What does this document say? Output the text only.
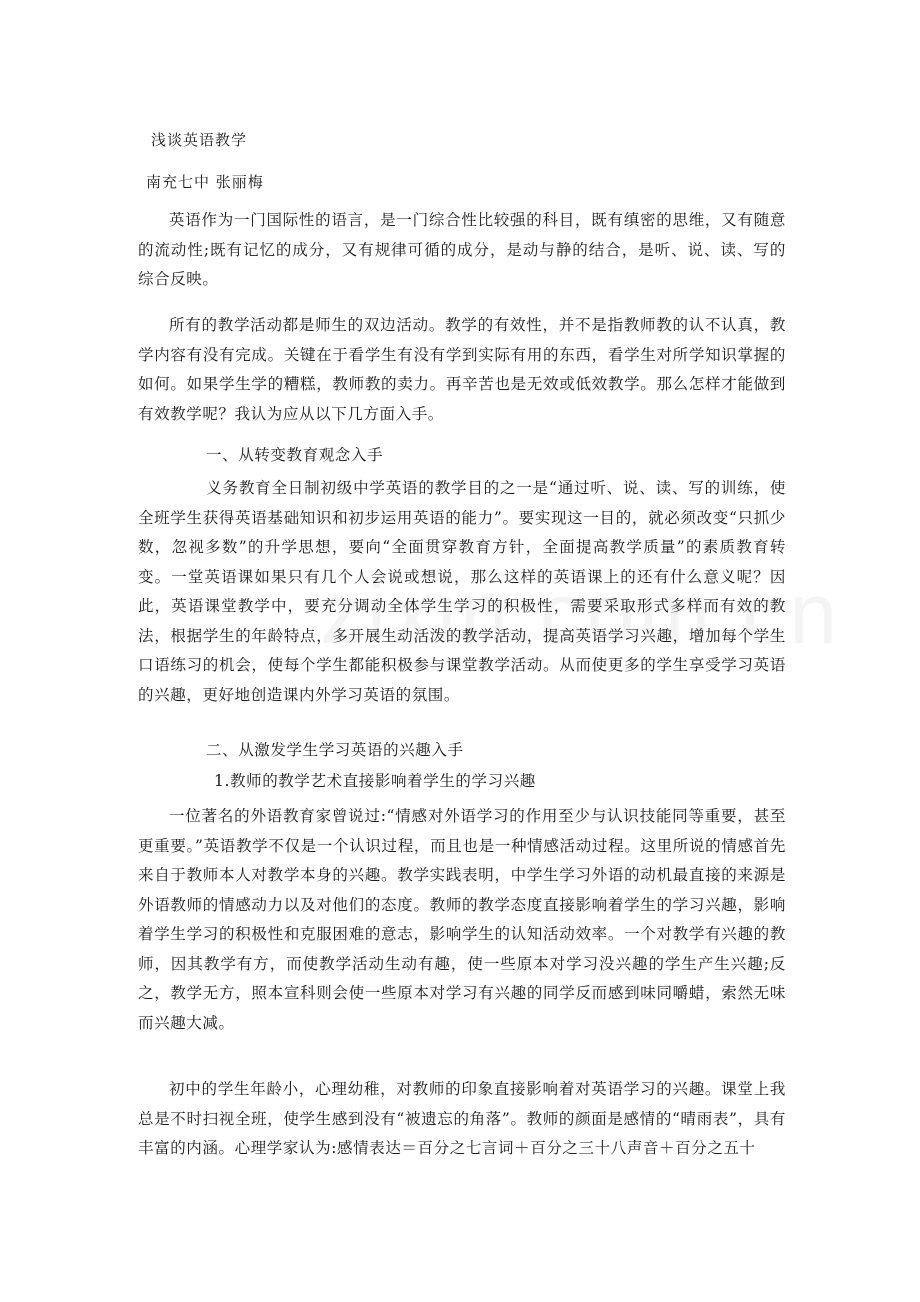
浅谈英语教学
南充七中 张丽梅

英语作为一门国际性的语言，是一门综合性比较强的科目，既有缜密的思维，又有随意的流动性;既有记忆的成分，又有规律可循的成分，是动与静的结合，是听、说、读、写的综合反映。

所有的教学活动都是师生的双边活动。教学的有效性，并不是指教师教的认不认真，教学内容有没有完成。关键在于看学生有没有学到实际有用的东西，看学生对所学知识掌握的如何。如果学生学的糟糕，教师教的卖力。再辛苦也是无效或低效教学。那么怎样才能做到有效教学呢？我认为应从以下几方面入手。

一、从转变教育观念入手

义务教育全日制初级中学英语的教学目的之一是“通过听、说、读、写的训练，使全班学生获得英语基础知识和初步运用英语的能力”。要实现这一目的，就必须改变“只抓少数，忽视多数”的升学思想，要向“全面贯穿教育方针，全面提高教学质量”的素质教育转变。一堂英语课如果只有几个人会说或想说，那么这样的英语课上的还有什么意义呢？因此，英语课堂教学中，要充分调动全体学生学习的积极性，需要采取形式多样而有效的教法，根据学生的年龄特点，多开展生动活泼的教学活动，提高英语学习兴趣，增加每个学生口语练习的机会，使每个学生都能积极参与课堂教学活动。从而使更多的学生享受学习英语的兴趣，更好地创造课内外学习英语的氛围。

二、从激发学生学习英语的兴趣入手
1.教师的教学艺术直接影响着学生的学习兴趣

一位著名的外语教育家曾说过:“情感对外语学习的作用至少与认识技能同等重要，甚至更重要。”英语教学不仅是一个认识过程，而且也是一种情感活动过程。这里所说的情感首先来自于教师本人对教学本身的兴趣。教学实践表明，中学生学习外语的动机最直接的来源是外语教师的情感动力以及对他们的态度。教师的教学态度直接影响着学生的学习兴趣，影响着学生学习的积极性和克服困难的意志，影响学生的认知活动效率。一个对教学有兴趣的教师，因其教学有方，而使教学活动生动有趣，使一些原本对学习没兴趣的学生产生兴趣;反之，教学无方，照本宣科则会使一些原本对学习有兴趣的同学反而感到味同嚼蜡，索然无味而兴趣大减。

初中的学生年龄小，心理幼稚，对教师的印象直接影响着对英语学习的兴趣。课堂上我总是不时扫视全班，使学生感到没有“被遗忘的角落”。教师的颜面是感情的“晴雨表”，具有丰富的内涵。心理学家认为:感情表达＝百分之七言词＋百分之三十八声音＋百分之五十
